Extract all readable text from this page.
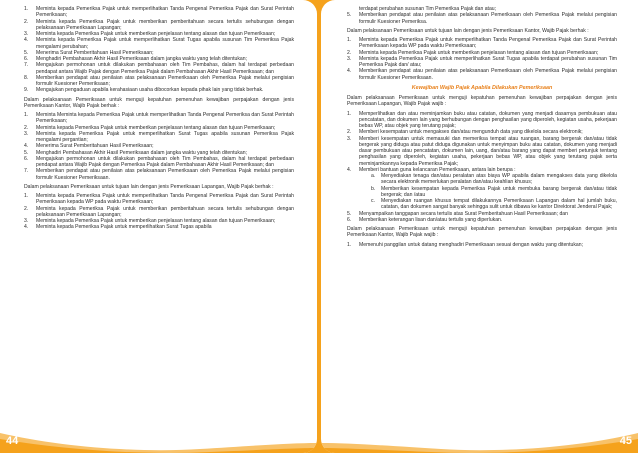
1. Meminta kepada Pemeriksa Pajak untuk memperlihatkan Tanda Pengenal Pemeriksa Pajak dan Surat Perintah Pemeriksaan;
2. Meminta kepada Pemeriksa Pajak untuk memberikan pemberitahuan secara tertulis sehubungan dengan pelaksanaan Pemeriksaan Lapangan;
3. Meminta kepada Pemeriksa Pajak untuk memberikan penjelasan tentang alasan dan tujuan Pemeriksaan;
4. Meminta kepada Pemeriksa Pajak untuk memperlihatkan Surat Tugas apabila susunan Tim Pemeriksa Pajak mengalami perubahan;
5. Menerima Surat Pemberitahuan Hasil Pemeriksaan;
6. Menghadiri Pembahasan Akhir Hasil Pemeriksaan dalam jangka waktu yang telah ditentukan;
7. Mengajukan permohonan untuk dilakukan pembahasan oleh Tim Pembahas, dalam hal terdapat perbedaan pendapat antara Wajib Pajak dengan Pemeriksa Pajak dalam Pembahasan Akhir Hasil Pemeriksaan; dan
8. Memberikan pendapat atau penilaian atas pelaksanaan Pemeriksaan oleh Pemeriksa Pajak melalui pengisian formulir Kuesioner Pemeriksaan;
9. Mengajukan pengaduan apabila kerahasiaan usaha dibocorkan kepada pihak lain yang tidak berhak.

Dalam pelaksanaan Pemeriksaan untuk menguji kepatuhan pemenuhan kewajiban perpajakan dengan jenis Pemeriksaan Kantor, Wajib Pajak berhak :

1. Meminta Meminta kepada Pemeriksa Pajak untuk memperlihatkan Tanda Pengenal Pemeriksa dan Surat Perintah Pemeriksaan;
2. Meminta kepada Pemeriksa Pajak untuk memberikan penjelasan tentang alasan dan tujuan Pemeriksaan;
3. Meminta kepada Pemeriksa Pajak untuk memperlihatkan Surat Tugas apabila susunan Pemeriksa Pajak mengalami pergantian;
4. Menerima Surat Pemberitahuan Hasil Pemeriksaan;
5. Menghadiri Pembahasan Akhir Hasil Pemeriksaan dalam jangka waktu yang telah ditentukan;
6. Mengajukan permohonan untuk dilakukan pembahasan oleh Tim Pembahas, dalam hal terdapat perbedaan pendapat antara Wajib Pajak dengan Pemeriksa Pajak dalam Pembahasan Akhir Hasil Pemeriksaan; dan
7. Memberikan pendapat atau penilaian atas pelaksanaan Pemeriksaan oleh Pemeriksa Pajak melalui pengisian formulir Kuesioner Pemeriksaan.

Dalam pelaksanaan Pemeriksaan untuk tujuan lain dengan jenis Pemeriksaan Lapangan, Wajib Pajak berhak :

1. Meminta kepada Pemeriksa Pajak untuk memperlihatkan Tanda Pengenal Pemeriksa Pajak dan Surat Perintah Pemeriksaan kepada WP pada waktu Pemeriksaan;
2. Meminta kepada Pemeriksa Pajak untuk memberikan pemberitahuan secara tertulis sehubungan dengan pelaksanaan Pemeriksaan Lapangan;
3. Meminta kepada Pemeriksa Pajak untuk memberikan penjelasan tentang alasan dan tujuan Pemeriksaan;
4. Meminta kepada Pemeriksa Pajak untuk memperlihatkan Surat Tugas apabila
44
terdapat perubahan susunan Tim Pemeriksa Pajak dan atau;
5. Memberikan pendapat atau penilaian atas pelaksanaan Pemeriksaan oleh Pemeriksa Pajak melalui pengisian formulir Kuesioner Pemeriksa.

Dalam pelaksanaan Pemeriksaan untuk tujuan lain dengan jenis Pemeriksaan Kantor, Wajib Pajak berhak :

1. Meminta kepada Pemeriksa Pajak untuk memperlihatkan Tanda Pengenal Pemeriksa Pajak dan Surat Perintah Pemeriksaan kepada WP pada waktu Pemeriksaan;
2. Meminta kepada Pemeriksa Pajak untuk memberikan penjelasan tentang alasan dan tujuan Pemeriksaan;
3. Meminta kepada Pemeriksa Pajak untuk memperlihatkan Surat Tugas apabila terdapat perubahan susunan Tim Pemeriksa Pajak dan/ atau;
4. Memberikan pendapat atau penilaian atas pelaksanaan Pemeriksaan oleh Pemeriksa Pajak melalui pengisian formulir Kuesioner Pemeriksaan.
Kewajiban Wajib Pajak Apabila Dilakukan Pemeriksaan

Dalam pelaksanaan Pemeriksaan untuk menguji kepatuhan pemenuhan kewajiban perpajakan dengan jenis Pemeriksaan Lapangan, Wajib Pajak wajib :

1. Memperlihatkan dan atau meminjamkan buku atau catatan, dokumen yang menjadi dasarnya pembukuan atau pencatatan, dan dokumen lain yang berhubungan dengan penghasilan yang diperoleh, kegiatan usaha, pekerjaan bebas WP, atau objek yang terutang pajak;
2. Memberi kesempatan untuk mengakses dan/atau mengunduh data yang dikelola secara elektronik;
3. Memberi kesempatan untuk memasuki dan memeriksa tempat atau ruangan, barang bergerak dan/atau tidak bergerak yang diduga atau patut diduga digunakan untuk menyimpan buku atau catatan, dokumen yang menjadi dasar pembukuan atau pencatatan, dokumen lain, uang, dan/atau barang yang dapat memberi petunjuk tentang penghasilan yang diperoleh, kegiatan usaha, pekerjaan bebas WP, atau objek yang terutang pajak serta meminjamkannya kepada Pemeriksa Pajak;
4. Memberi bantuan guna kelancaran Pemeriksaan, antara lain berupa :
a. Menyediakan tenaga dan/atau peralatan atas biaya WP apabila dalam mengakses data yang dikelola secara elektronik memerlukan peralatan dan/atau keahlian khusus;
b. Memberikan kesempatan kepada Pemeriksa Pajak untuk membuka barang bergerak dan/atau tidak bergerak; dan /atau
c. Menyediakan ruangan khusus tempat dilakukannya Pemeriksaan Lapangan dalam hal jumlah buku, catatan, dan dokumen sangat banyak sehingga sulit untuk dibawa ke kantor Direktorat Jenderal Pajak;
5. Menyampaikan tanggapan secara tertulis atas Surat Pemberitahuan Hasil Pemeriksaan; dan
6. Memberikan keterangan lisan dan/atau tertulis yang diperlukan.

Dalam pelaksanaan Pemeriksaan untuk menguji kepatuhan pemenuhan kewajiban perpajakan dengan jenis Pemeriksaan Kantor, Wajib Pajak wajib :

1. Memenuhi panggilan untuk datang menghadiri Pemeriksaan sesuai dengan waktu yang ditentukan;
45
